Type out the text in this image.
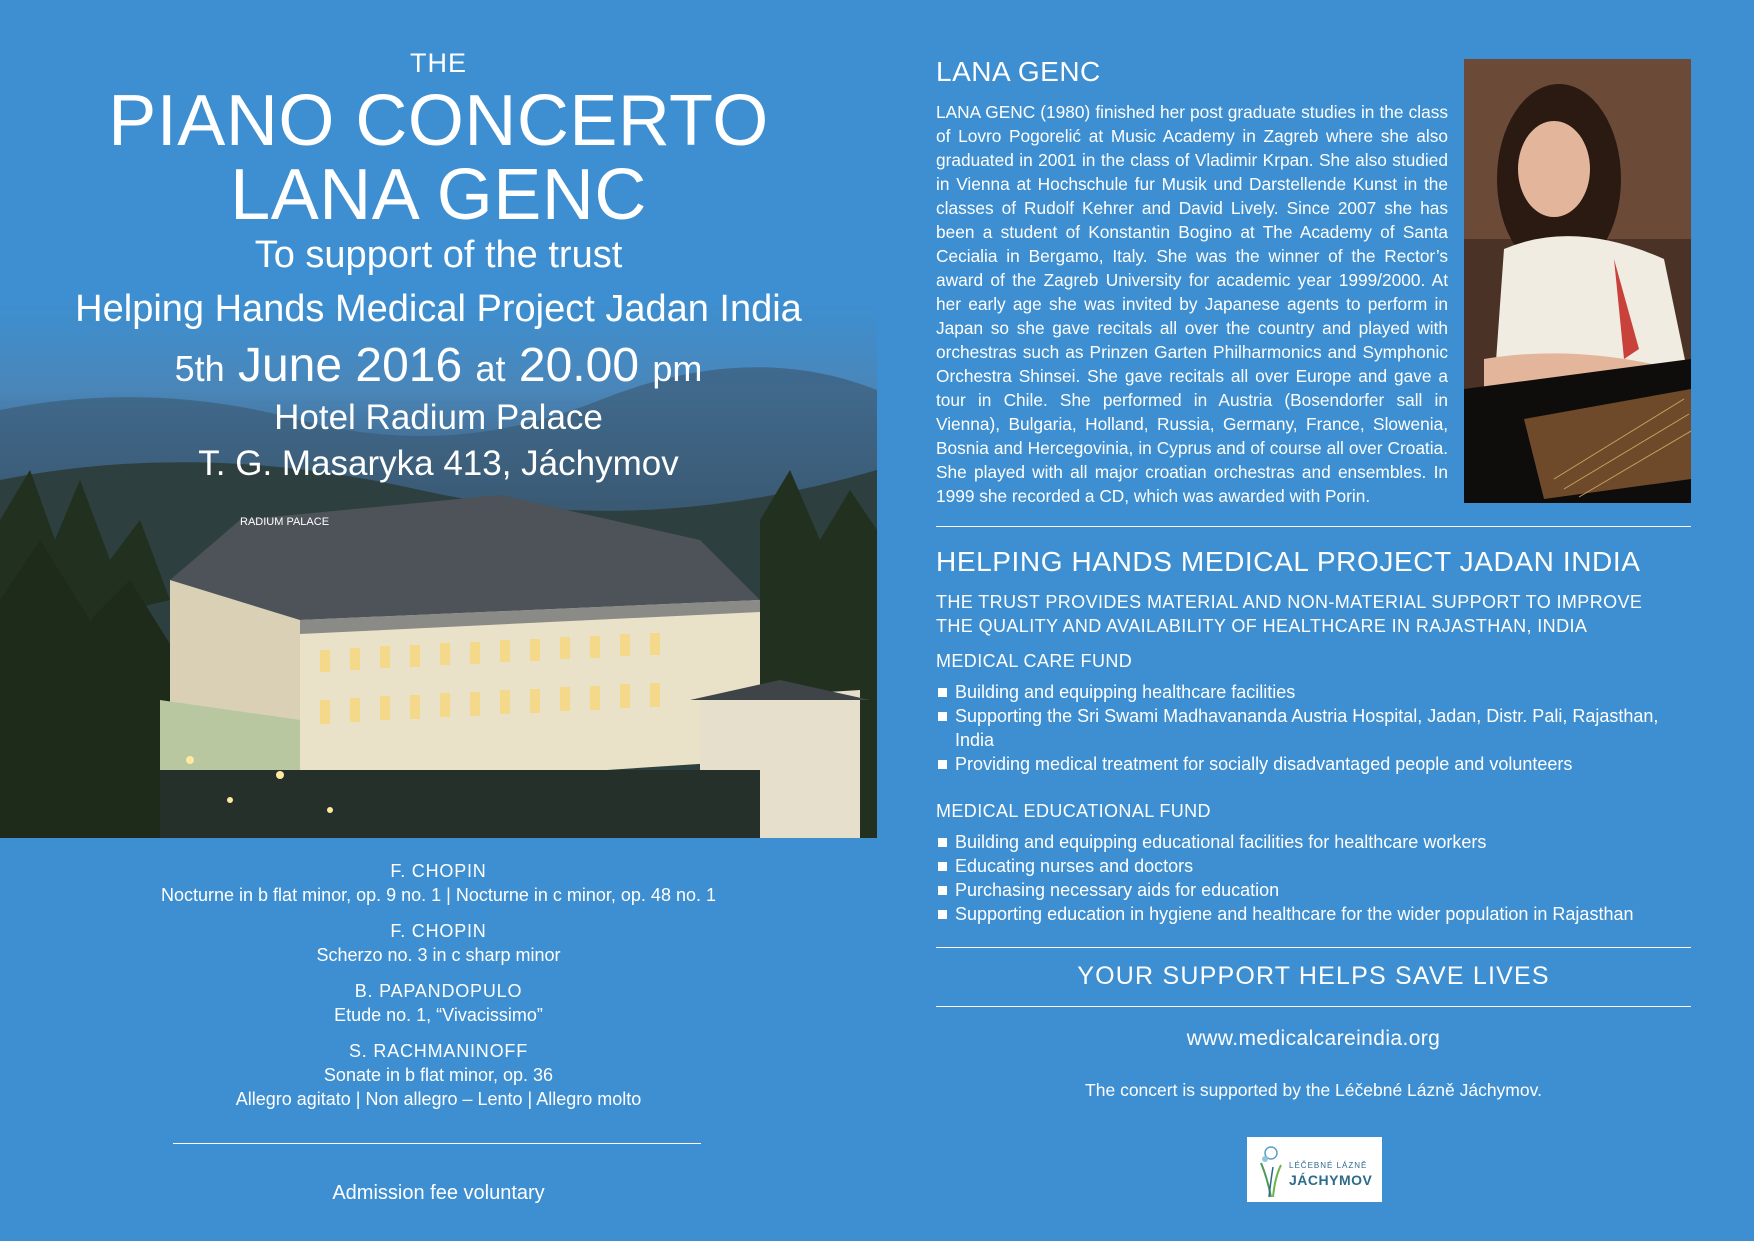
RADIUM PALACE
THE
PIANO CONCERTO
LANA GENC
To support of the trust
Helping Hands Medical Project Jadan India
5th June 2016 at 20.00 pm
Hotel Radium Palace
T. G. Masaryka 413, Jáchymov
F. CHOPIN
Nocturne in b flat minor, op. 9 no. 1 | Nocturne in c minor, op. 48 no. 1
F. CHOPIN
Scherzo no. 3 in c sharp minor
B. PAPANDOPULO
Etude no. 1, “Vivacissimo”
S. RACHMANINOFF
Sonate in b flat minor, op. 36
Allegro agitato | Non allegro – Lento | Allegro molto
Admission fee voluntary
LANA GENC
LANA GENC (1980) finished her post graduate studies in the class of Lovro Pogorelić at Music Academy in Zagreb where she also graduated in 2001 in the class of Vladimir Krpan. She also studied in Vienna at Hochschule fur Musik und Darstellende Kunst in the classes of Rudolf Kehrer and David Lively. Since 2007 she has been a student of Konstantin Bogino at The Academy of Santa Cecialia in Bergamo, Italy. She was the winner of the Rector’s award of the Zagreb University for academic year 1999/2000. At her early age she was invited by Japanese agents to perform in Japan so she gave recitals all over the country and played with orchestras such as Prinzen Garten Philharmonics and Symphonic Orchestra Shinsei. She gave recitals all over Europe and gave a tour in Chile. She performed in Austria (Bosendorfer sall in Vienna), Bulgaria, Holland, Russia, Germany, France, Slowenia, Bosnia and Hercegovinia, in Cyprus and of course all over Croatia. She played with all major croatian orchestras and ensembles. In 1999 she recorded a CD, which was awarded with Porin.
HELPING HANDS MEDICAL PROJECT JADAN INDIA
THE TRUST PROVIDES MATERIAL AND NON-MATERIAL SUPPORT TO IMPROVE
THE QUALITY AND AVAILABILITY OF HEALTHCARE IN RAJASTHAN, INDIA
MEDICAL CARE FUND
Building and equipping healthcare facilities
Supporting the Sri Swami Madhavananda Austria Hospital, Jadan, Distr. Pali, Rajasthan, India
Providing medical treatment for socially disadvantaged people and volunteers
MEDICAL EDUCATIONAL FUND
Building and equipping educational facilities for healthcare workers
Educating nurses and doctors
Purchasing necessary aids for education
Supporting education in hygiene and healthcare for the wider population in Rajasthan
YOUR SUPPORT HELPS SAVE LIVES
www.medicalcareindia.org
The concert is supported by the Léčebné Lázně Jáchymov.
LÉČEBNÉ LÁZNĚ
JÁCHYMOV
